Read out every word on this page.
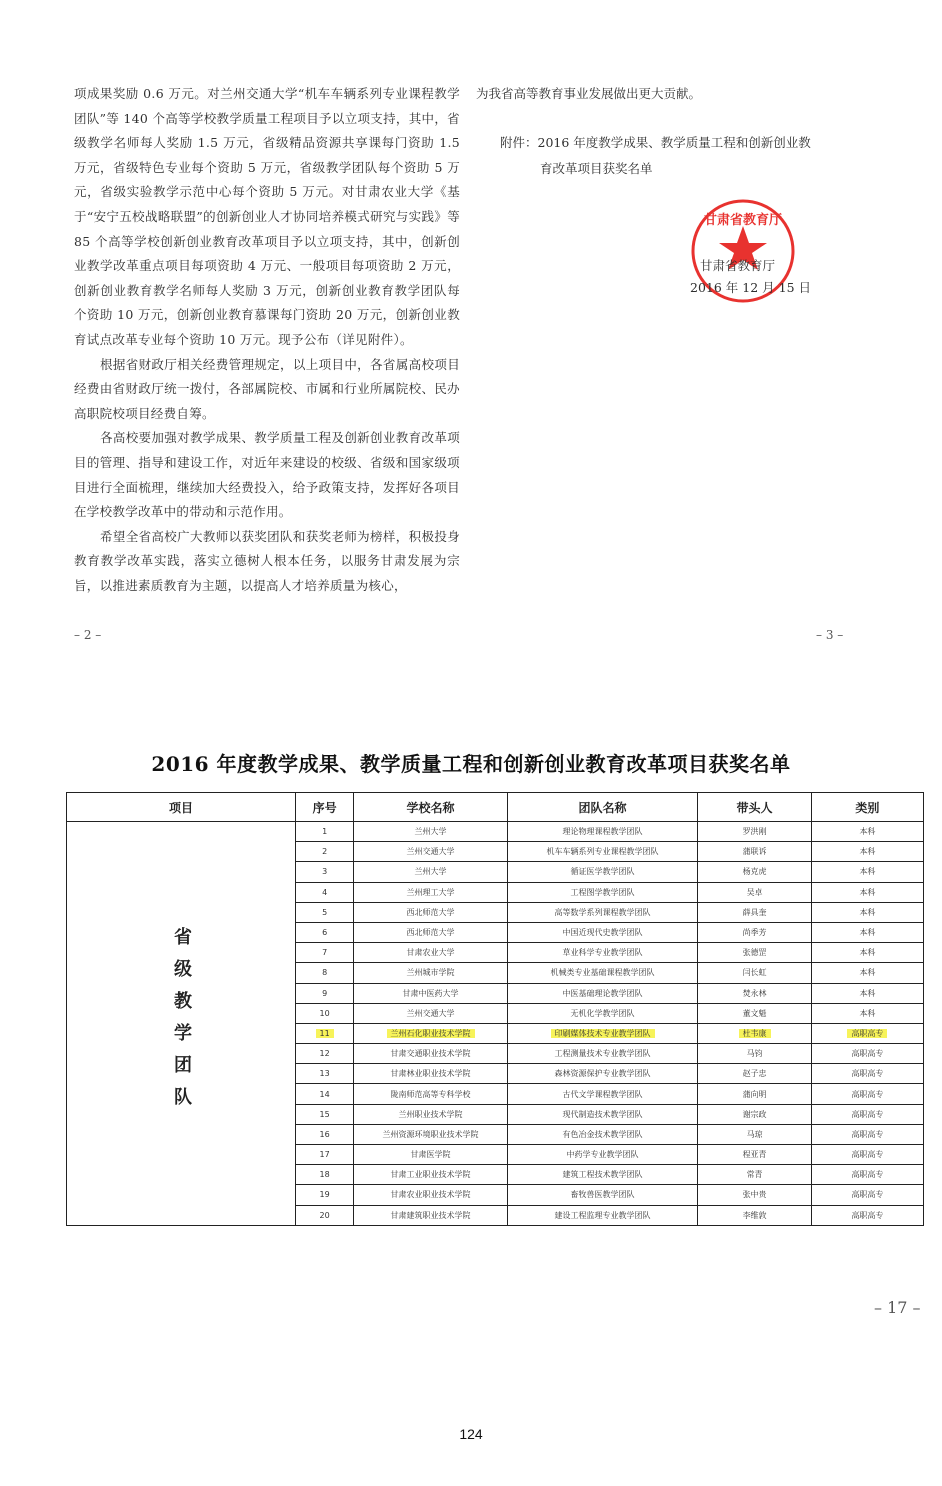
项成果奖励 0.6 万元。对兰州交通大学“机车车辆系列专业课程教学团队”等 140 个高等学校教学质量工程项目予以立项支持，其中，省级教学名师每人奖励 1.5 万元，省级精品资源共享课每门资助 1.5 万元，省级特色专业每个资助 5 万元，省级教学团队每个资助 5 万元，省级实验教学示范中心每个资助 5 万元。对甘肃农业大学《基于“安宁五校战略联盟”的创新创业人才协同培养模式研究与实践》等 85 个高等学校创新创业教育改革项目予以立项支持，其中，创新创业教学改革重点项目每项资助 4 万元、一般项目每项资助 2 万元，创新创业教育教学名师每人奖励 3 万元，创新创业教育教学团队每个资助 10 万元，创新创业教育慕课每门资助 20 万元，创新创业教育试点改革专业每个资助 10 万元。现予公布（详见附件）。

根据省财政厅相关经费管理规定，以上项目中，各省属高校项目经费由省财政厅统一拨付，各部属院校、市属和行业所属院校、民办高职院校项目经费自筹。

各高校要加强对教学成果、教学质量工程及创新创业教育改革项目的管理、指导和建设工作，对近年来建设的校级、省级和国家级项目进行全面梳理，继续加大经费投入，给予政策支持，发挥好各项目在学校教学改革中的带动和示范作用。

希望全省高校广大教师以获奖团队和获奖老师为榜样，积极投身教育教学改革实践，落实立德树人根本任务，以服务甘肃发展为宗旨，以推进素质教育为主题，以提高人才培养质量为核心，

– 2 –
为我省高等教育事业发展做出更大贡献。
附件：2016 年度教学成果、教学质量工程和创新创业教
育改革项目获奖名单
甘肃省教育厅
甘肃省教育厅
2016 年 12 月 15 日
– 3 –
2016 年度教学成果、教学质量工程和创新创业教育改革项目获奖名单
项目	序号	学校名称	团队名称	带头人	类别
省级教学团队	1	兰州大学	理论物理课程教学团队	罗洪刚	本科
	2	兰州交通大学	机车车辆系列专业课程教学团队	蒲联诉	本科
	3	兰州大学	循证医学教学团队	杨克虎	本科
	4	兰州理工大学	工程图学教学团队	吴卓	本科
	5	西北师范大学	高等数学系列课程教学团队	薛具奎	本科
	6	西北师范大学	中国近现代史教学团队	尚季芳	本科
	7	甘肃农业大学	草业科学专业教学团队	张德罡	本科
	8	兰州城市学院	机械类专业基础课程教学团队	闫长虹	本科
	9	甘肃中医药大学	中医基础理论教学团队	焚永林	本科
	10	兰州交通大学	无机化学教学团队	董文魁	本科
	11	兰州石化职业技术学院	印刷媒体技术专业教学团队	杜韦康	高职高专
	12	甘肃交通职业技术学院	工程测量技术专业教学团队	马钧	高职高专
	13	甘肃林业职业技术学院	森林资源保护专业教学团队	赵子忠	高职高专
	14	陇南师范高等专科学校	古代文学课程教学团队	蒲向明	高职高专
	15	兰州职业技术学院	现代制造技术教学团队	谢宗政	高职高专
	16	兰州资源环境职业技术学院	有色冶金技术教学团队	马琼	高职高专
	17	甘肃医学院	中药学专业教学团队	程亚青	高职高专
	18	甘肃工业职业技术学院	建筑工程技术教学团队	常青	高职高专
	19	甘肃农业职业技术学院	畜牧兽医教学团队	张中贵	高职高专
	20	甘肃建筑职业技术学院	建设工程监理专业教学团队	李维敦	高职高专
– 17 –
124
